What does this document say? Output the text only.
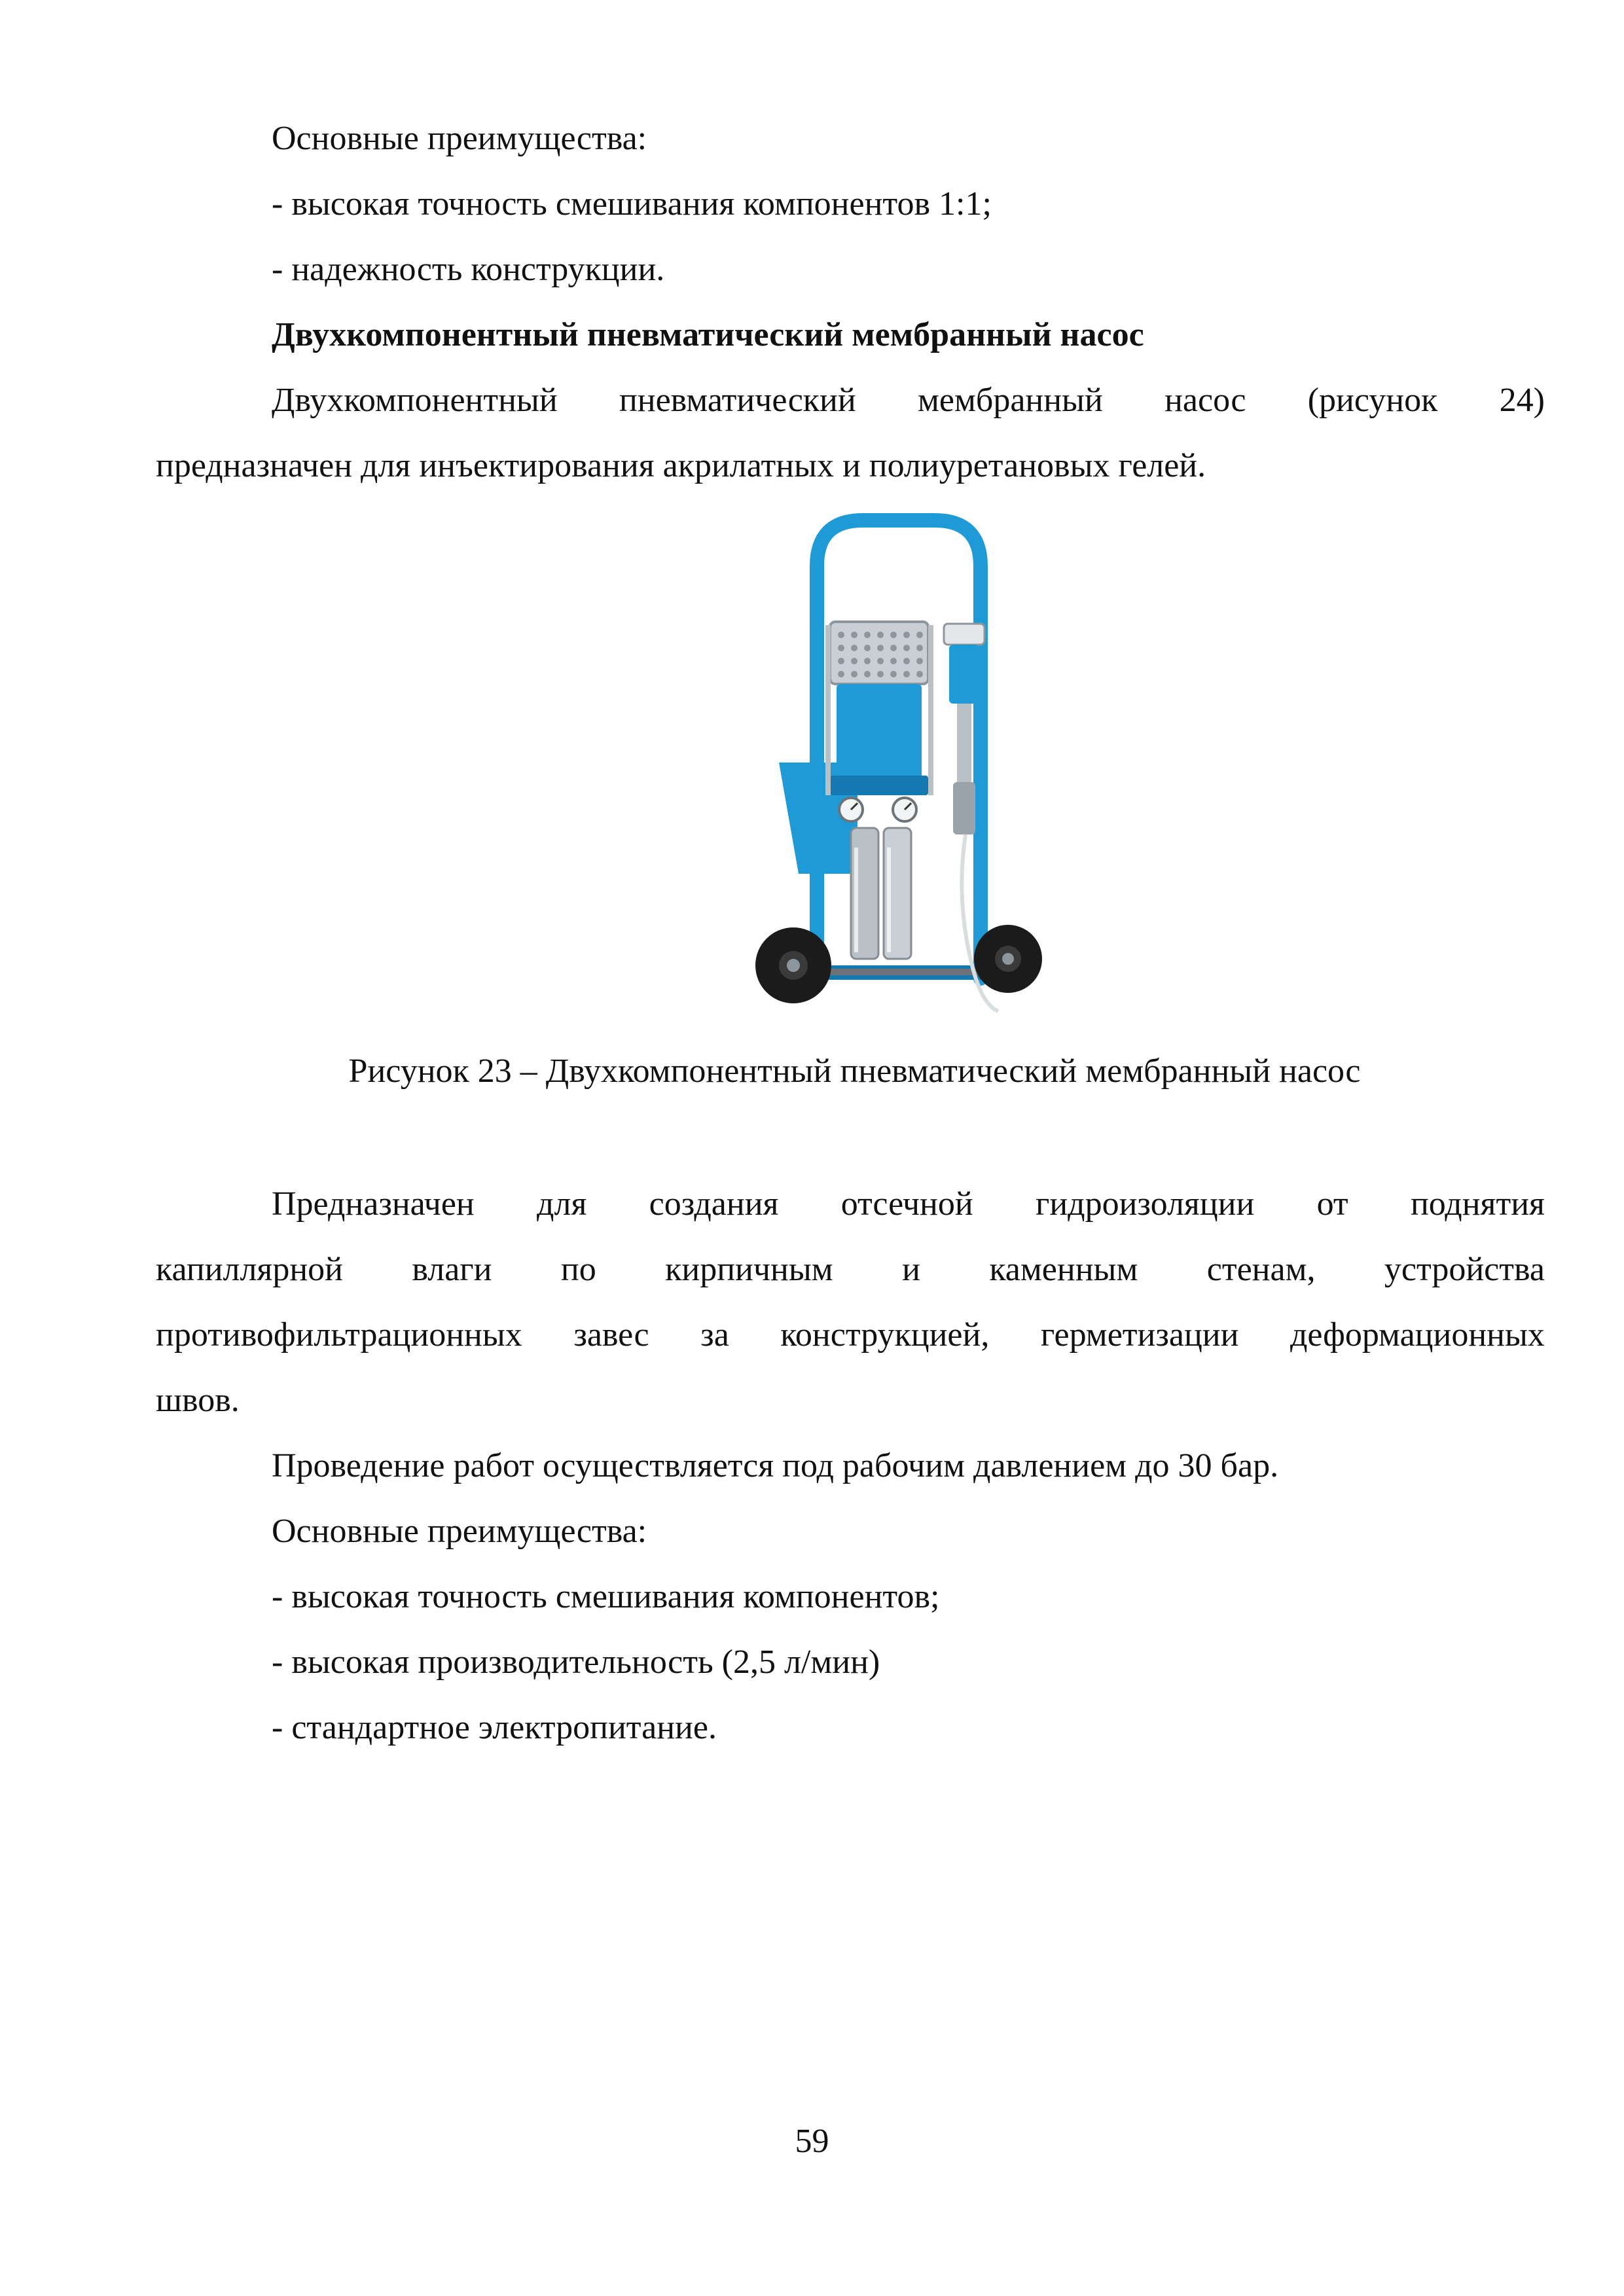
Основные преимущества:
- высокая точность смешивания компонентов 1:1;
- надежность конструкции.
Двухкомпонентный пневматический мембранный насос
Двухкомпонентный пневматический мембранный насос (рисунок 24)
предназначен для инъектирования акрилатных и полиуретановых гелей.
Рисунок 23 – Двухкомпонентный пневматический мембранный насос
Предназначен для создания отсечной гидроизоляции от поднятия
капиллярной влаги по кирпичным и каменным стенам, устройства
противофильтрационных завес за конструкцией, герметизации деформационных
швов.
Проведение работ осуществляется под рабочим давлением до 30 бар.
Основные преимущества:
- высокая точность смешивания компонентов;
- высокая производительность (2,5 л/мин)
- стандартное электропитание.
59
